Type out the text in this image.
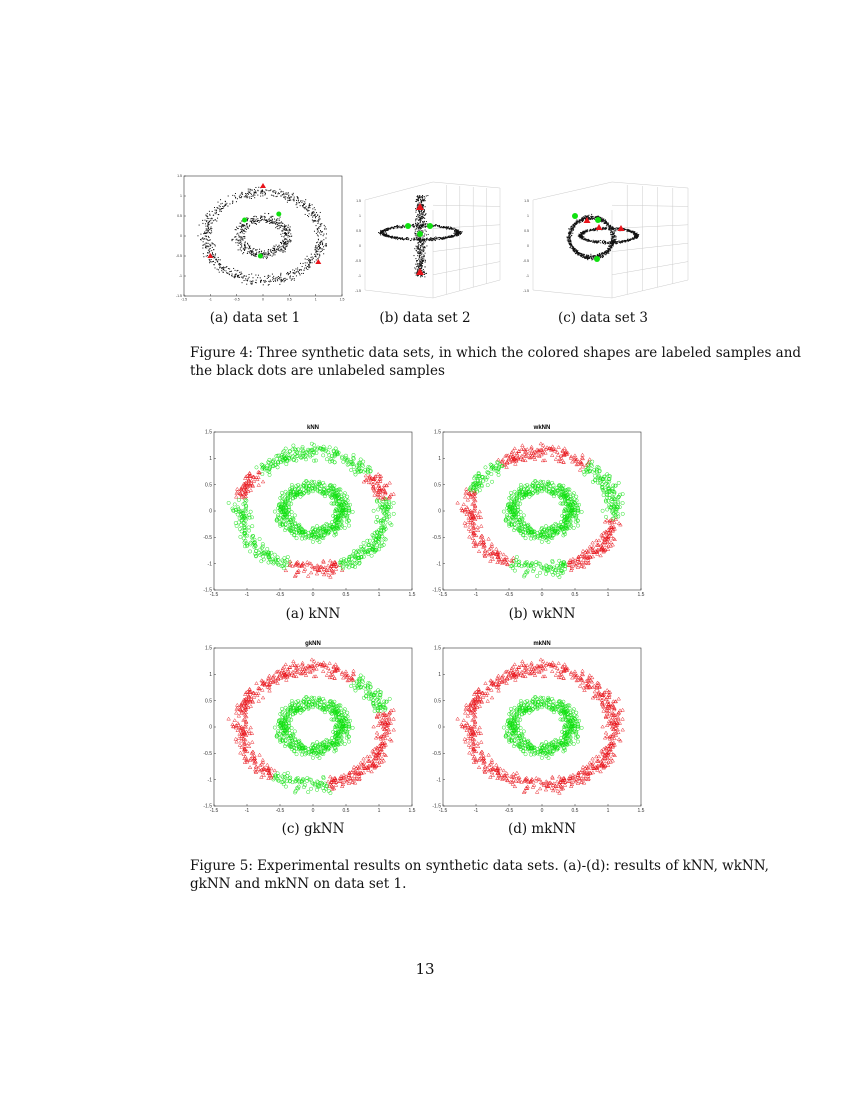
-1.5	-1	-0.5	0	0.5	1	1.5
-1.5
-1
-0.5
0
0.5
1
1.5
-1.5
-1
-0.5
0
0.5
1
1.5
-1.5
-1
-0.5
0
0.5
1
1.5
(a) data set 1	(b) data set 2	(c) data set 3
Figure 4: Three synthetic data sets, in which the colored shapes are labeled samples and
the black dots are unlabeled samples
-1.5	-1	-0.5	0	0.5	1	1.5
-1.5
-1
-0.5
0
0.5
1
1.5
kNN
-1.5	-1	-0.5	0	0.5	1	1.5
-1.5
-1
-0.5
0
0.5
1
1.5
wkNN
-1.5	-1	-0.5	0	0.5	1	1.5
-1.5
-1
-0.5
0
0.5
1
1.5
gkNN
-1.5	-1	-0.5	0	0.5	1	1.5
-1.5
-1
-0.5
0
0.5
1
1.5
mkNN
(a) kNN	(b) wkNN
(c) gkNN	(d) mkNN
Figure 5: Experimental results on synthetic data sets. (a)-(d): results of kNN, wkNN,
gkNN and mkNN on data set 1.
13
